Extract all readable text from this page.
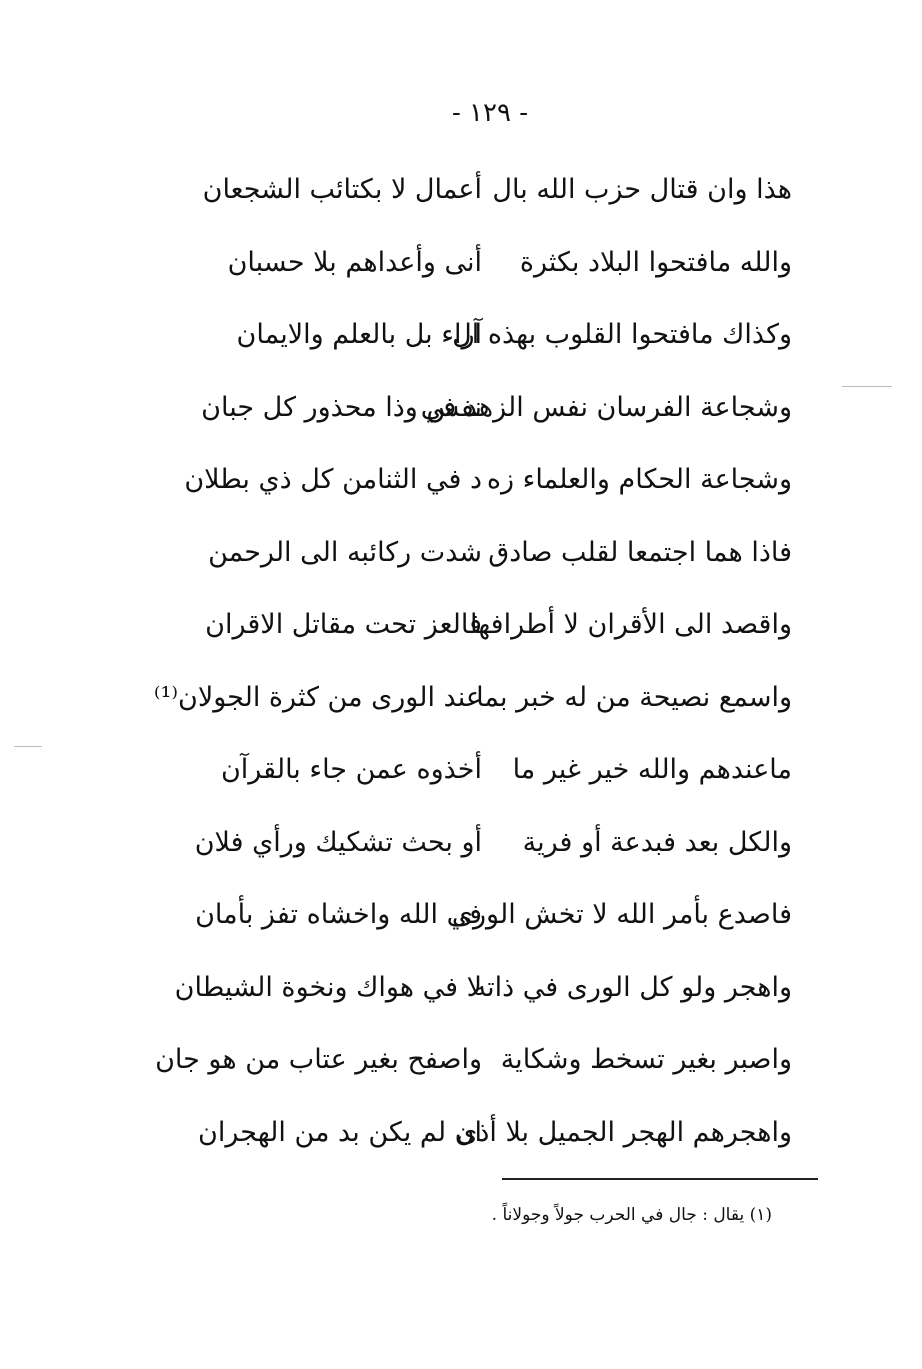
- ١٢٩ -
هذا وان قتال حزب الله بال
أعمال لا بكتائب الشجعان
والله مافتحوا البلاد بكثرة
أنى وأعداهم بلا حسبان
وكذاك مافتحوا القلوب بهذه ال
آراء بل بالعلم والايمان
وشجاعة الفرسان نفس الزهد في
نفس وذا محذور كل جبان
وشجاعة الحكام والعلماء زه
د في الثنامن كل ذي بطلان
فاذا هما اجتمعا لقلب صادق
شدت ركائبه الى الرحمن
واقصد الى الأقران لا أطرافها
فالعز تحت مقاتل الاقران
واسمع نصيحة من له خبر بما
عند الورى من كثرة الجولان⁽¹⁾
ماعندهم والله خير غير ما
أخذوه عمن جاء بالقرآن
والكل بعد فبدعة أو فرية
أو بحث تشكيك ورأي فلان
فاصدع بأمر الله لا تخش الورى
في الله واخشاه تفز بأمان
واهجر ولو كل الورى في ذاته
لا في هواك ونخوة الشيطان
واصبر بغير تسخط وشكاية
واصفح بغير عتاب من هو جان
واهجرهم الهجر الجميل بلا أذى
ان لم يكن بد من الهجران
(١) يقال : جال في الحرب جولاً وجولاناً .
